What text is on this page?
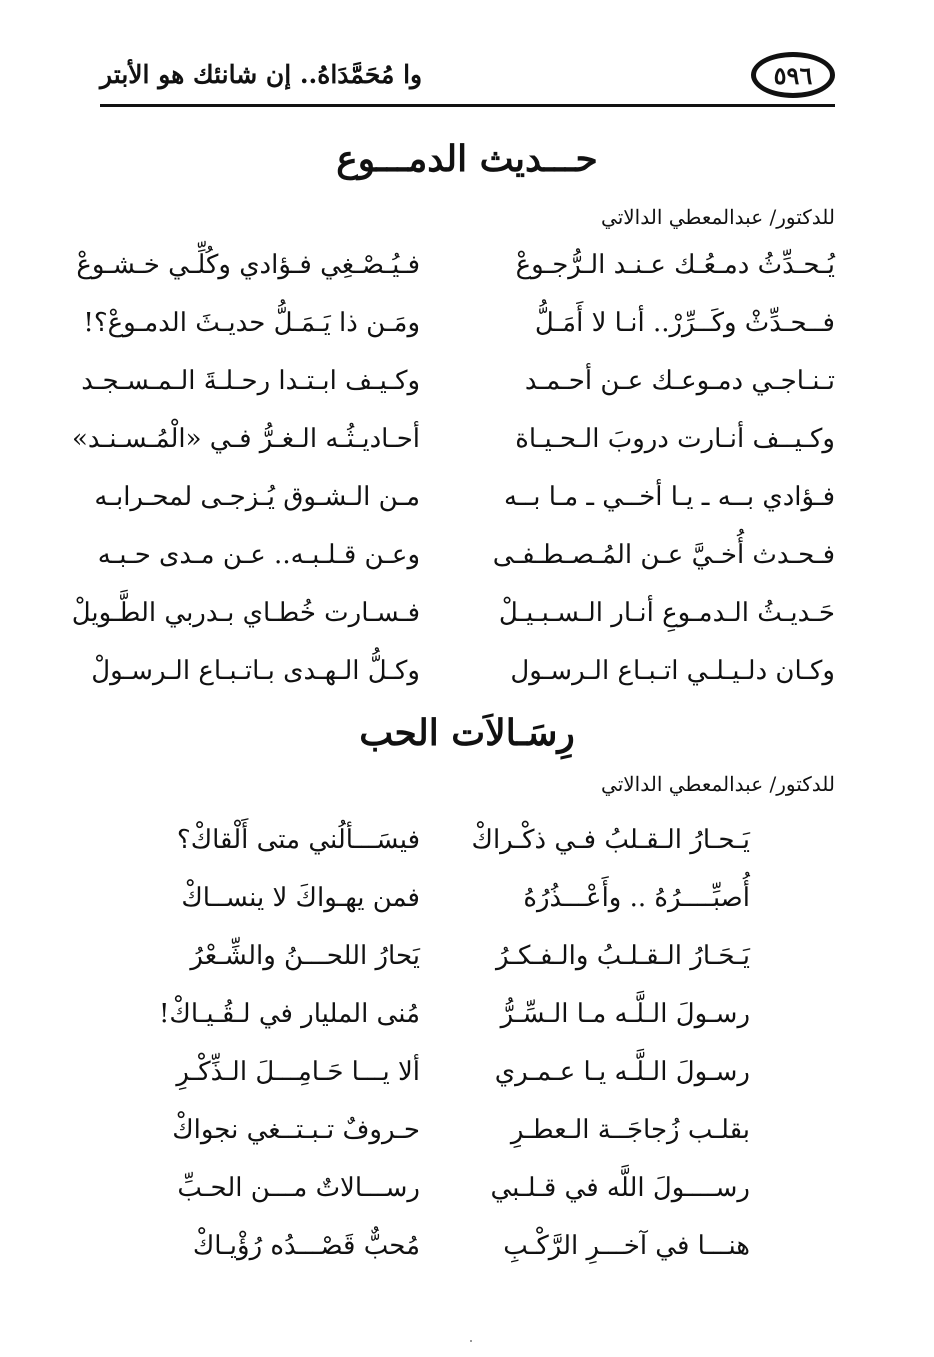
وا مُحَمَّدَاهُ.. إن شانئك هو الأبتر	٥٩٦
حـــديث الدمـــوع
للدكتور/ عبدالمعطي الدالاتي
يُـحـدِّثُ دمـعُـك عـنـد الـرُّجـوعْ
فـيُـصْـغِي فـؤادي وكُلِّـي خـشـوعْ
فــحـدِّثْ وكَــرِّرْ.. أنـا لا أَمَـلُّ
ومَـن ذا يَـمَـلُّ حديـثَ الدمـوعْ؟!
تـنـاجـي دمـوعـك عـن أحـمـد
وكـيـف ابـتـدا رحـلـةَ الـمـسـجـد
وكـيــف أنـارت دروبَ الـحـيـاة
أحـاديـثُـه الـغـرُّ فـي «الْمُـسـنـد»
فـؤادي بــه ـ يـا أخــي ـ مـا بــه
مـن الـشـوق يُـزجـى لمحـرابـه
فـحـدث أُخـيَّ عـن المُـصـطـفـى
وعـن قـلـبـه.. عـن مـدى حـبـه
حَـديـثُ الـدمـوعِ أنـار الـسـبـيـلْ
فـسـارت خُطـاي بـدربي الطَّـويلْ
وكـان دلـيـلـي اتـبـاع الـرسـول
وكـلُّ الـهـدى بـاتـبـاع الـرسـولْ
رِسَـالاَت الحب
للدكتور/ عبدالمعطي الدالاتي
يَـحـارُ الـقـلبُ فـي ذكْـراكْ
فيسَـــألُني متى أَلْقاكْ؟
أُصبِّــــرُهُ .. وأَعْـــذُرُهُ
فمن يهـواكَ لا ينســاكْ
يَـحَـارُ الـقـلـبُ والـفـكـرُ
يَحارُ اللحـــنُ والشِّـعْرُ
رسـولَ الـلَّـه مـا الـسِّـرُّ
مُنى المليار في لـقُـيـاكْ!
رسـولَ الـلَّـه يـا عـمـري
ألا يـــا حَـامِـــلَ الـذِّكْـرِ
بقلـب زُجاجَــة الـعطـرِ
حـروفٌ تـبـتــغي نجواكْ
رســــولَ اللَّه في قـلـبي
رســـالاتٌ مـــن الحـبِّ
هنـــا في آخـــرِ الرَّكْـبِ
مُحبٌّ قَصْـــدُه رُؤْيـاكْ
